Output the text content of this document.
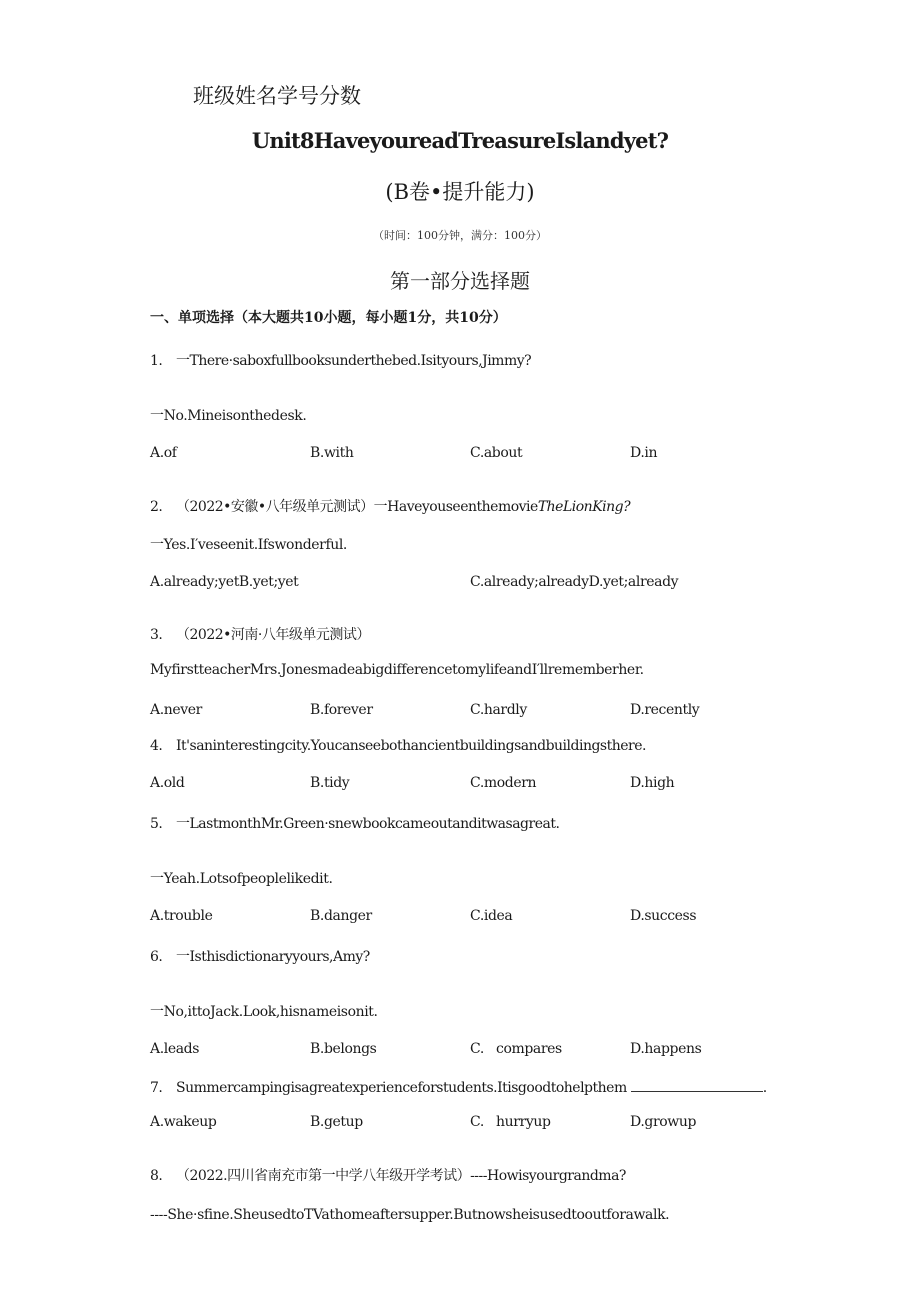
班级姓名学号分数
Unit8HaveyoureadTreasureIslandyet?
(B卷•提升能力)
（时间：100分钟，满分：100分）
第一部分选择题
一、单项选择（本大题共10小题，每小题1分，共10分）
1. 一There·saboxfullbooksunderthebed.Isityours,Jimmy?
一No.Mineisonthedesk.
A.of	B.with	C.about	D.in
2. （2022•安徽•八年级单元测试）一HaveyouseenthemovieTheLionKing?
一Yes.I′veseenit.Ifswonderful.
A.already;yetB.yet;yet	C.already;alreadyD.yet;already
3. （2022•河南·八年级单元测试）
MyfirstteacherMrs.JonesmadeabigdifferencetomylifeandI′llrememberher.
A.never	B.forever	C.hardly	D.recently
4. It'saninterestingcity.Youcanseebothancientbuildingsandbuildingsthere.
A.old	B.tidy	C.modern	D.high
5. 一LastmonthMr.Green·snewbookcameoutanditwasagreat.
一Yeah.Lotsofpeoplelikedit.
A.trouble	B.danger	C.idea	D.success
6. 一Isthisdictionaryyours,Amy?
一No,ittoJack.Look,hisnameisonit.
A.leads	B.belongs	C.   compares	D.happens
7. Summercampingisagreatexperienceforstudents.Itisgoodtohelpthem	.
A.wakeup	B.getup	C.   hurryup	D.growup
8. （2022.四川省南充市第一中学八年级开学考试）----Howisyourgrandma?
----She·sfine.SheusedtoTVathomeaftersupper.Butnowsheisusedtooutforawalk.
